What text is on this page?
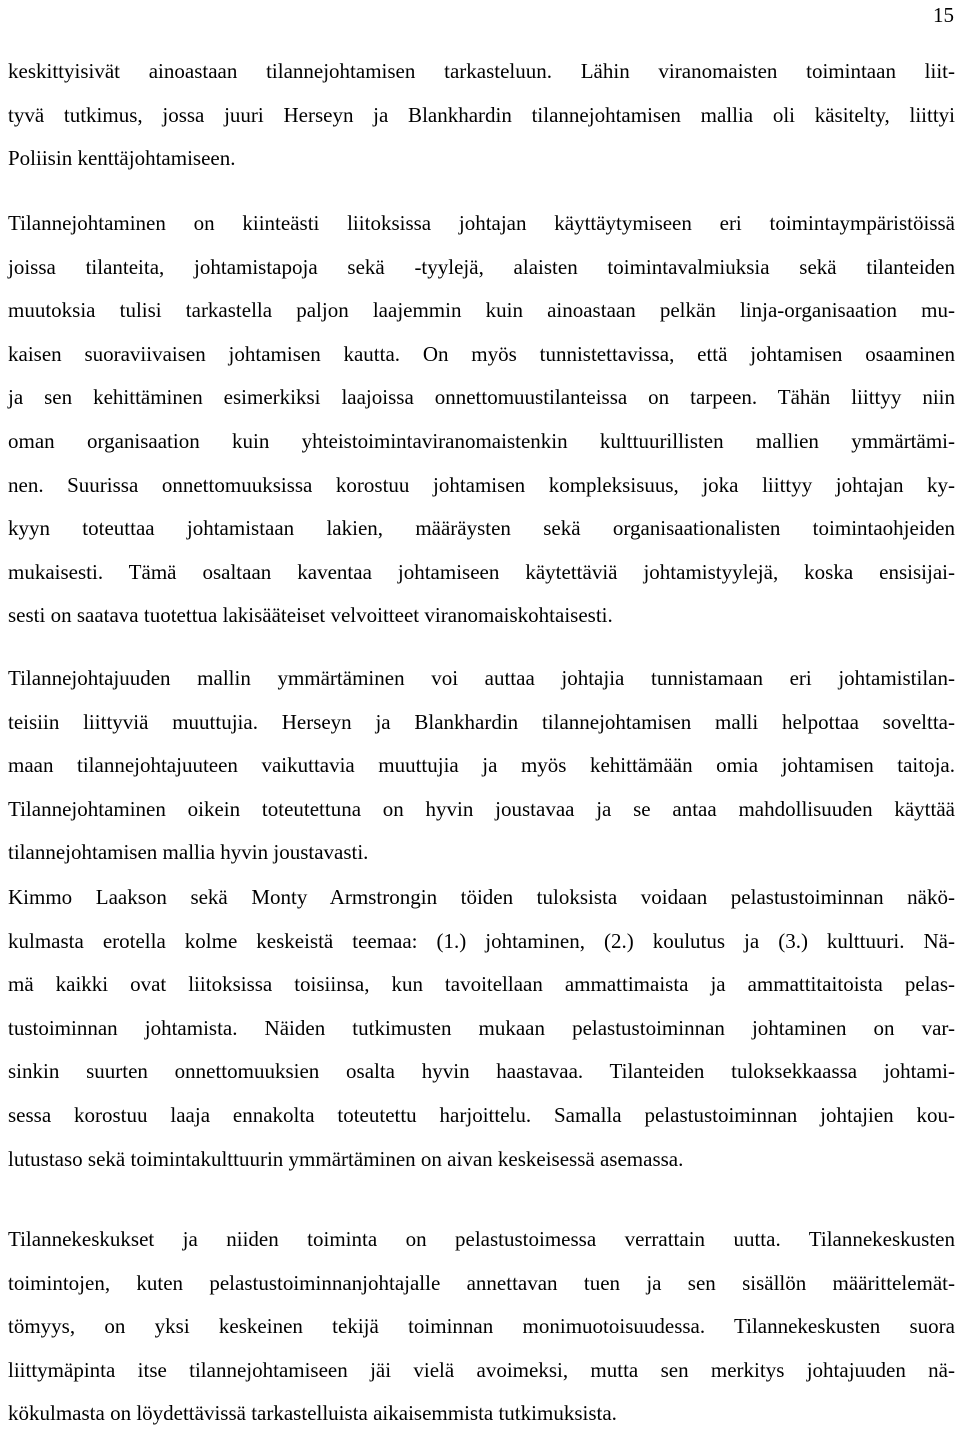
15

keskittyisivät ainoastaan tilannejohtamisen tarkasteluun. Lähin viranomaisten toimintaan liit-
tyvä tutkimus, jossa juuri Herseyn ja Blankhardin tilannejohtamisen mallia oli käsitelty, liittyi
Poliisin kenttäjohtamiseen.

Tilannejohtaminen on kiinteästi liitoksissa johtajan käyttäytymiseen eri toimintaympäristöissä
joissa tilanteita, johtamistapoja sekä -tyylejä, alaisten toimintavalmiuksia sekä tilanteiden
muutoksia tulisi tarkastella paljon laajemmin kuin ainoastaan pelkän linja-organisaation mu-
kaisen suoraviivaisen johtamisen kautta. On myös tunnistettavissa, että johtamisen osaaminen
ja sen kehittäminen esimerkiksi laajoissa onnettomuustilanteissa on tarpeen. Tähän liittyy niin
oman organisaation kuin yhteistoimintaviranomaistenkin kulttuurillisten mallien ymmärtämi-
nen. Suurissa onnettomuuksissa korostuu johtamisen kompleksisuus, joka liittyy johtajan ky-
kyyn toteuttaa johtamistaan lakien, määräysten sekä organisaationalisten toimintaohjeiden
mukaisesti. Tämä osaltaan kaventaa johtamiseen käytettäviä johtamistyylejä, koska ensisijai-
sesti on saatava tuotettua lakisääteiset velvoitteet viranomaiskohtaisesti.

Tilannejohtajuuden mallin ymmärtäminen voi auttaa johtajia tunnistamaan eri johtamistilan-
teisiin liittyviä muuttujia. Herseyn ja Blankhardin tilannejohtamisen malli helpottaa soveltta-
maan tilannejohtajuuteen vaikuttavia muuttujia ja myös kehittämään omia johtamisen taitoja.
Tilannejohtaminen oikein toteutettuna on hyvin joustavaa ja se antaa mahdollisuuden käyttää
tilannejohtamisen mallia hyvin joustavasti.

Kimmo Laakson sekä Monty Armstrongin töiden tuloksista voidaan pelastustoiminnan näkö-
kulmasta erotella kolme keskeistä teemaa: (1.) johtaminen, (2.) koulutus ja (3.) kulttuuri. Nä-
mä kaikki ovat liitoksissa toisiinsa, kun tavoitellaan ammattimaista ja ammattitaitoista pelas-
tustoiminnan johtamista. Näiden tutkimusten mukaan pelastustoiminnan johtaminen on var-
sinkin suurten onnettomuuksien osalta hyvin haastavaa. Tilanteiden tuloksekkaassa johtami-
sessa korostuu laaja ennakolta toteutettu harjoittelu. Samalla pelastustoiminnan johtajien kou-
lutustaso sekä toimintakulttuurin ymmärtäminen on aivan keskeisessä asemassa.

Tilannekeskukset ja niiden toiminta on pelastustoimessa verrattain uutta. Tilannekeskusten
toimintojen, kuten pelastustoiminnanjohtajalle annettavan tuen ja sen sisällön määrittelemät-
tömyys, on yksi keskeinen tekijä toiminnan monimuotoisuudessa. Tilannekeskusten suora
liittymäpinta itse tilannejohtamiseen jäi vielä avoimeksi, mutta sen merkitys johtajuuden nä-
kökulmasta on löydettävissä tarkastelluista aikaisemmista tutkimuksista.
